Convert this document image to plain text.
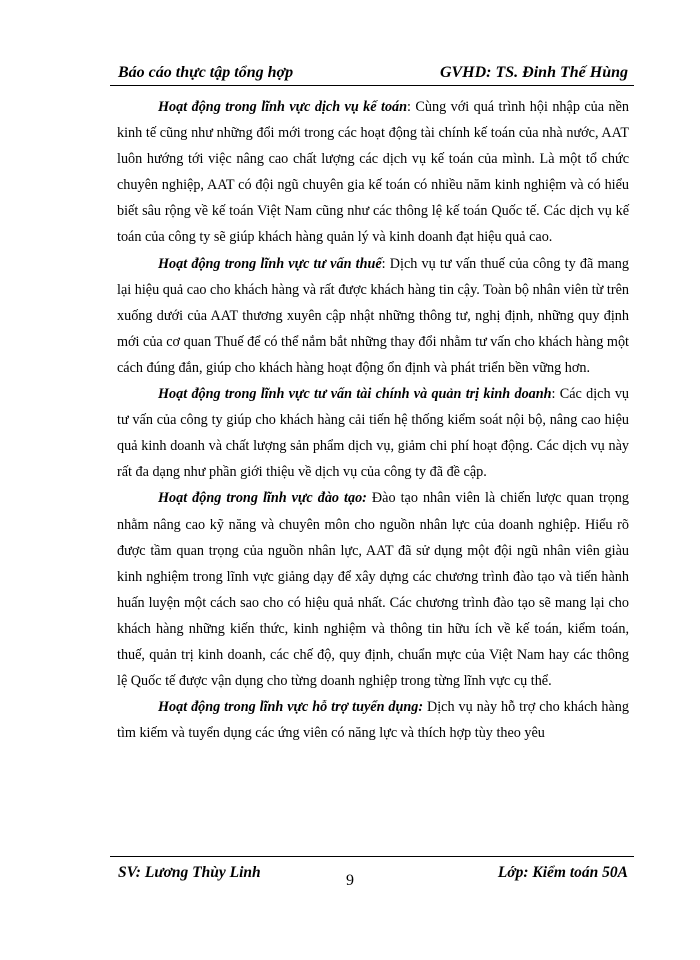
Báo cáo thực tập tổng hợp	GVHD: TS. Đinh Thế Hùng

Hoạt động trong lĩnh vực dịch vụ kế toán: Cùng với quá trình hội nhập của nền kinh tế cũng như những đổi mới trong các hoạt động tài chính kế toán của nhà nước, AAT luôn hướng tới việc nâng cao chất lượng các dịch vụ kế toán của mình. Là một tổ chức chuyên nghiệp, AAT có đội ngũ chuyên gia kế toán có nhiều năm kinh nghiệm và có hiểu biết sâu rộng về kế toán Việt Nam cũng như các thông lệ kế toán Quốc tế. Các dịch vụ kế toán của công ty sẽ giúp khách hàng quản lý và kinh doanh đạt hiệu quả cao.

Hoạt động trong lĩnh vực tư vấn thuế: Dịch vụ tư vấn thuế của công ty đã mang lại hiệu quả cao cho khách hàng và rất được khách hàng tin cậy. Toàn bộ nhân viên từ trên xuống dưới của AAT thương xuyên cập nhật những thông tư, nghị định, những quy định mới của cơ quan Thuế để có thể nắm bắt những thay đổi nhằm tư vấn cho khách hàng một cách đúng đắn, giúp cho khách hàng hoạt động ổn định và phát triển bền vững hơn.

Hoạt động trong lĩnh vực tư vấn tài chính và quản trị kinh doanh: Các dịch vụ tư vấn của công ty giúp cho khách hàng cải tiến hệ thống kiểm soát nội bộ, nâng cao hiệu quả kinh doanh và chất lượng sản phẩm dịch vụ, giảm chi phí hoạt động. Các dịch vụ này rất đa dạng như phần giới thiệu về dịch vụ của công ty đã đề cập.

Hoạt động trong lĩnh vực đào tạo: Đào tạo nhân viên là chiến lược quan trọng nhằm nâng cao kỹ năng và chuyên môn cho nguồn nhân lực của doanh nghiệp. Hiểu rõ được tầm quan trọng của nguồn nhân lực, AAT đã sử dụng một đội ngũ nhân viên giàu kinh nghiệm trong lĩnh vực giảng dạy để xây dựng các chương trình đào tạo và tiến hành huấn luyện một cách sao cho có hiệu quả nhất. Các chương trình đào tạo sẽ mang lại cho khách hàng những kiến thức, kinh nghiệm và thông tin hữu ích về kế toán, kiểm toán, thuế, quản trị kinh doanh, các chế độ, quy định, chuẩn mực của Việt Nam hay các thông lệ Quốc tế được vận dụng cho từng doanh nghiệp trong từng lĩnh vực cụ thể.

Hoạt động trong lĩnh vực hỗ trợ tuyển dụng: Dịch vụ này hỗ trợ cho khách hàng tìm kiếm và tuyển dụng các ứng viên có năng lực và thích hợp tùy theo yêu

SV: Lương Thùy Linh	Lớp: Kiểm toán 50A
9
